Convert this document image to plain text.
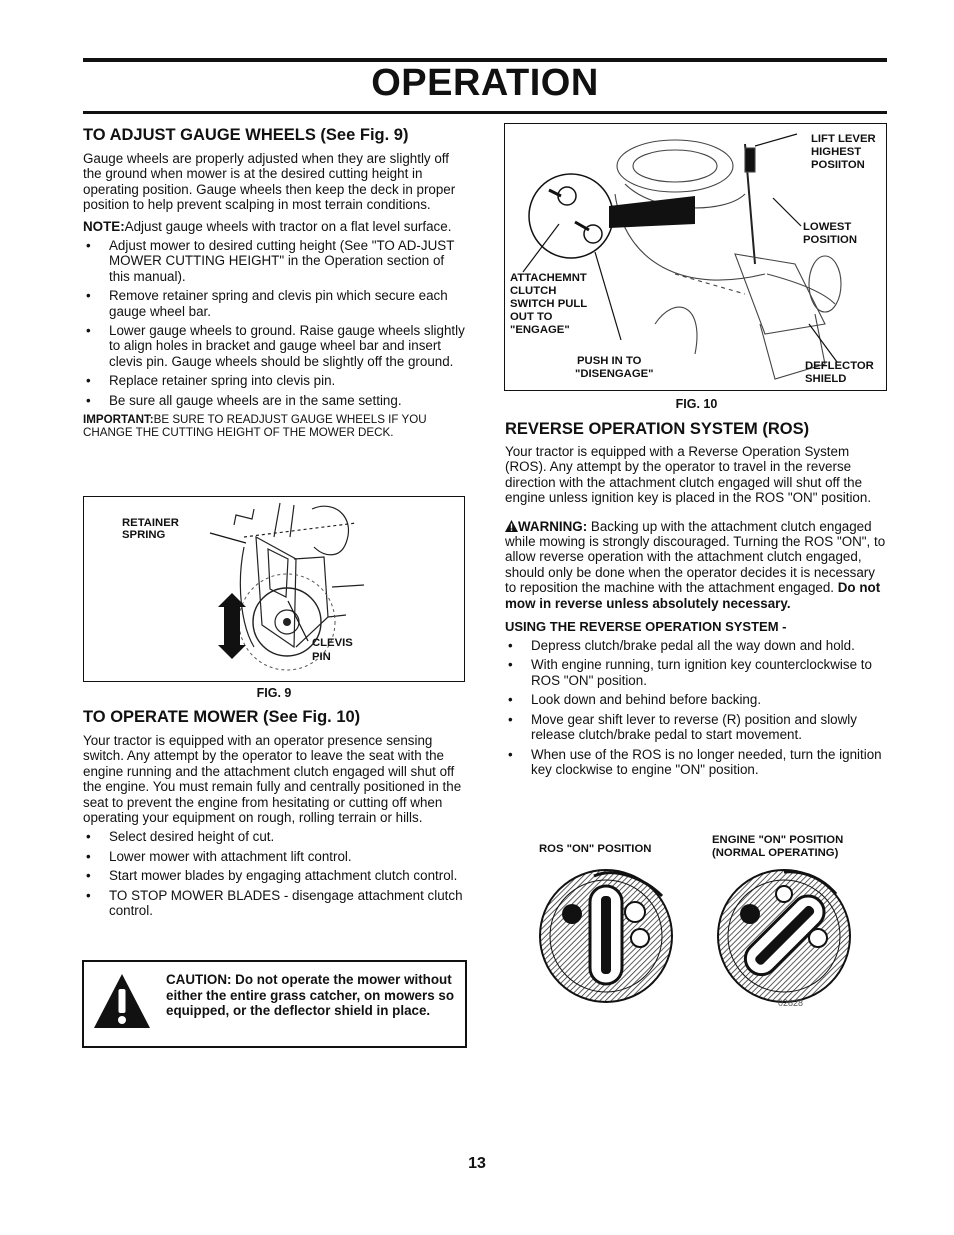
OPERATION
TO ADJUST GAUGE WHEELS (See Fig. 9)

Gauge wheels are properly adjusted when they are slightly off the ground when mower is at the desired cutting height in operating position. Gauge wheels then keep the deck in proper position to help prevent scalping in most terrain conditions.

NOTE:Adjust gauge wheels with tractor on a flat level surface.

• Adjust mower to desired cutting height (See "TO AD-JUST MOWER CUTTING HEIGHT" in the Operation section of this manual).
• Remove retainer spring and clevis pin which secure each gauge wheel bar.
• Lower gauge wheels to ground. Raise gauge wheels slightly to align holes in bracket and gauge wheel bar and insert clevis pin. Gauge wheels should be slightly off the ground.
• Replace retainer spring into clevis pin.
• Be sure all gauge wheels are in the same setting.

IMPORTANT:BE SURE TO READJUST GAUGE WHEELS IF YOU CHANGE THE CUTTING HEIGHT OF THE MOWER DECK.

RETAINER
SPRING
CLEVIS
PIN
FIG. 9
TO OPERATE MOWER (See Fig. 10)

Your tractor is equipped with an operator presence sensing switch. Any attempt by the operator to leave the seat with the engine running and the attachment clutch engaged will shut off the engine. You must remain fully and centrally positioned in the seat to prevent the engine from hesitating or cutting off when operating your equipment on rough, rolling terrain or hills.

• Select desired height of cut.
• Lower mower with attachment lift control.
• Start mower blades by engaging attachment clutch control.
• TO STOP MOWER BLADES - disengage attachment clutch control.
CAUTION: Do not operate the mower without either the entire grass catcher, on mowers so equipped, or the deflector shield in place.
LIFT LEVER
HIGHEST
POSIITON
LOWEST
POSITION
ATTACHEMNT
CLUTCH
SWITCH PULL
OUT TO
"ENGAGE"
PUSH IN TO
"DISENGAGE"
DEFLECTOR
SHIELD
FIG. 10
REVERSE OPERATION SYSTEM (ROS)

Your tractor is equipped with a Reverse Operation System (ROS). Any attempt by the operator to travel in the reverse direction with the attachment clutch engaged will shut off the engine unless ignition key is placed in the ROS "ON" position.

WARNING: Backing up with the attachment clutch engaged while mowing is strongly discouraged. Turning the ROS "ON", to allow reverse operation with the attachment clutch engaged, should only be done when the operator decides it is necessary to reposition the machine with the attachment engaged. Do not mow in reverse unless absolutely necessary.

USING THE REVERSE OPERATION SYSTEM -
• Depress clutch/brake pedal all the way down and hold.
• With engine running, turn ignition key counterclockwise to ROS "ON" position.
• Look down and behind before backing.
• Move gear shift lever to reverse (R) position and slowly release clutch/brake pedal to start movement.
• When use of the ROS is no longer needed, turn the ignition key clockwise to engine "ON" position.
ROS "ON" POSITION
ENGINE "ON" POSITION
(NORMAL OPERATING)
02828
13
